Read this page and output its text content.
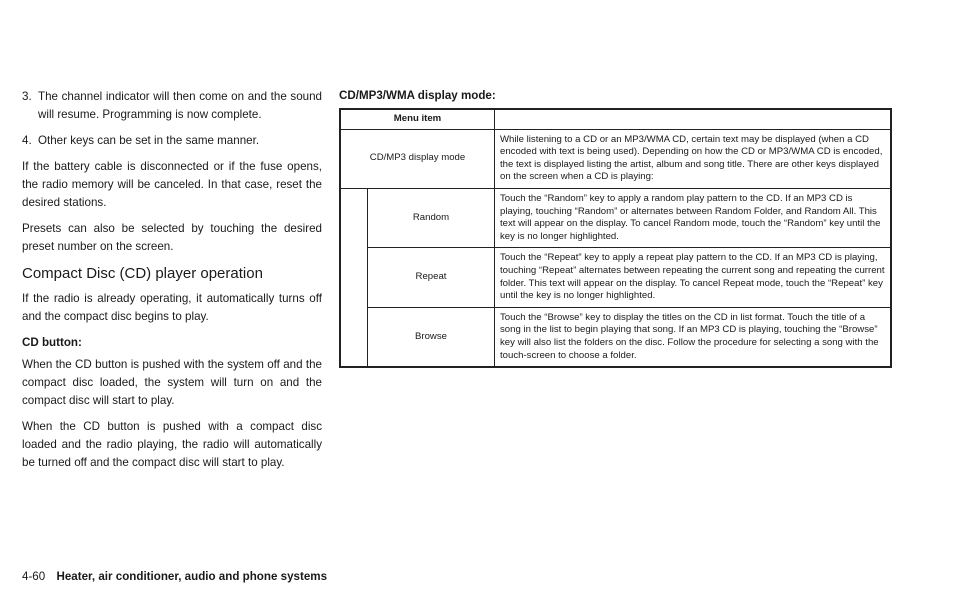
3. The channel indicator will then come on and the sound will resume. Programming is now complete.
4. Other keys can be set in the same manner.

If the battery cable is disconnected or if the fuse opens, the radio memory will be canceled. In that case, reset the desired stations.

Presets can also be selected by touching the desired preset number on the screen.

Compact Disc (CD) player operation

If the radio is already operating, it automatically turns off and the compact disc begins to play.

CD button:

When the CD button is pushed with the system off and the compact disc loaded, the system will turn on and the compact disc will start to play.

When the CD button is pushed with a compact disc loaded and the radio playing, the radio will automatically be turned off and the compact disc will start to play.

CD/MP3/WMA display mode:
Menu item		
CD/MP3 display mode		While listening to a CD or an MP3/WMA CD, certain text may be displayed (when a CD encoded with text is being used). Depending on how the CD or MP3/WMA CD is encoded, the text is displayed listing the artist, album and song title. There are other keys displayed on the screen when a CD is playing:
	Random	Touch the “Random” key to apply a random play pattern to the CD. If an MP3 CD is playing, touching “Random” or alternates between Random Folder, and Random All. This text will appear on the display. To cancel Random mode, touch the “Random” key until the key is no longer highlighted.
	Repeat	Touch the “Repeat” key to apply a repeat play pattern to the CD. If an MP3 CD is playing, touching “Repeat” alternates between repeating the current song and repeating the current folder. This text will appear on the display. To cancel Repeat mode, touch the “Repeat” key until the key is no longer highlighted.
	Browse	Touch the “Browse” key to display the titles on the CD in list format. Touch the title of a song in the list to begin playing that song. If an MP3 CD is playing, touching the “Browse” key will also list the folders on the disc. Follow the procedure for selecting a song with the touch-screen to choose a folder.
4-60 Heater, air conditioner, audio and phone systems
